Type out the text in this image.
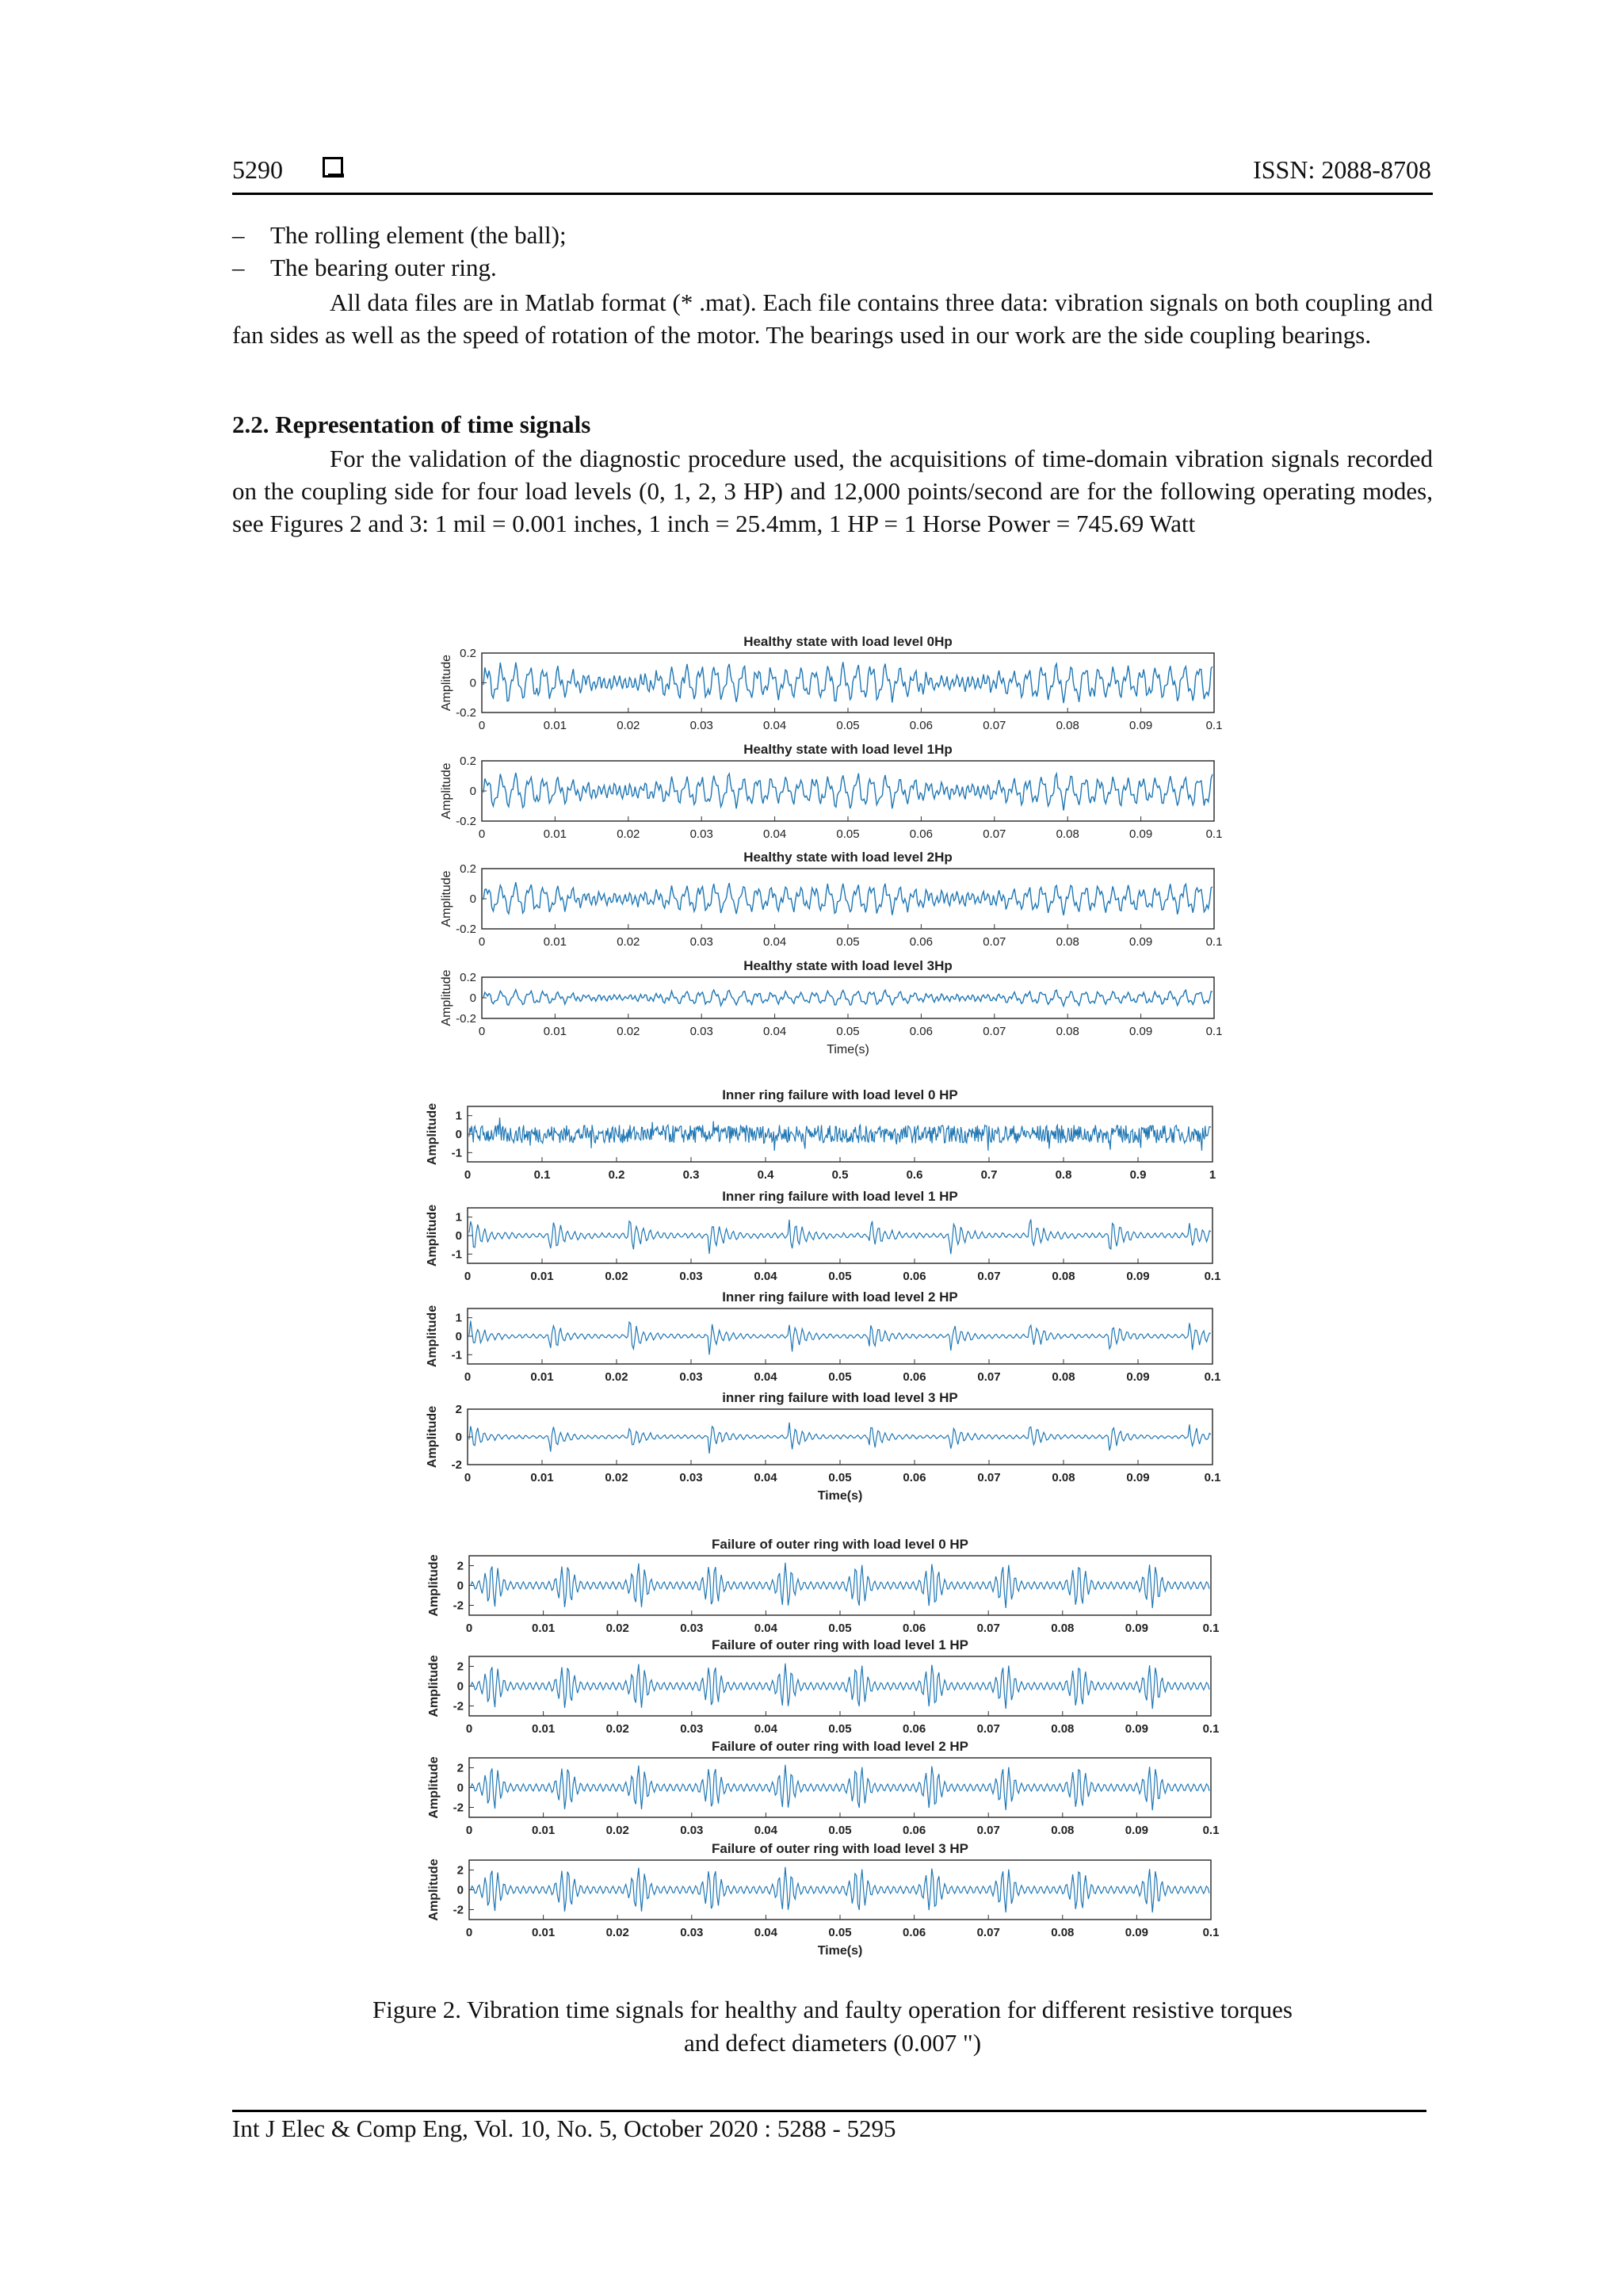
5290	ISSN: 2088-8708
– The rolling element (the ball);
– The bearing outer ring.
All data files are in Matlab format (* .mat). Each file contains three data: vibration signals on both coupling and fan sides as well as the speed of rotation of the motor. The bearings used in our work are the side coupling bearings.
2.2. Representation of time signals
For the validation of the diagnostic procedure used, the acquisitions of time-domain vibration signals recorded on the coupling side for four load levels (0, 1, 2, 3 HP) and 12,000 points/second are for the following operating modes, see Figures 2 and 3: 1 mil = 0.001 inches, 1 inch = 25.4mm, 1 HP = 1 Horse Power = 745.69 Watt
Healthy state with load level 0Hp
0.2
0
-0.2
0	0.01	0.02	0.03	0.04	0.05	0.06	0.07	0.08	0.09	0.1
Amplitude
Healthy state with load level 1Hp
0.2
0
-0.2
0	0.01	0.02	0.03	0.04	0.05	0.06	0.07	0.08	0.09	0.1
Amplitude
Healthy state with load level 2Hp
0.2
0
-0.2
0	0.01	0.02	0.03	0.04	0.05	0.06	0.07	0.08	0.09	0.1
Amplitude
Healthy state with load level 3Hp
0.2
0
-0.2
0	0.01	0.02	0.03	0.04	0.05	0.06	0.07	0.08	0.09	0.1
Amplitude
Time(s)
Inner ring failure with load level 0 HP
1
0
-1
0	0.1	0.2	0.3	0.4	0.5	0.6	0.7	0.8	0.9	1
Amplitude
Inner ring failure with load level 1 HP
1
0
-1
0	0.01	0.02	0.03	0.04	0.05	0.06	0.07	0.08	0.09	0.1
Amplitude
Inner ring failure with load level 2 HP
1
0
-1
0	0.01	0.02	0.03	0.04	0.05	0.06	0.07	0.08	0.09	0.1
Amplitude
inner ring failure with load level 3 HP
2
0
-2
0	0.01	0.02	0.03	0.04	0.05	0.06	0.07	0.08	0.09	0.1
Amplitude
Time(s)
Failure of outer ring with load level 0 HP
2
0
-2
0	0.01	0.02	0.03	0.04	0.05	0.06	0.07	0.08	0.09	0.1
Amplitude
Failure of outer ring with load level 1 HP
2
0
-2
0	0.01	0.02	0.03	0.04	0.05	0.06	0.07	0.08	0.09	0.1
Amplitude
Failure of outer ring with load level 2 HP
2
0
-2
0	0.01	0.02	0.03	0.04	0.05	0.06	0.07	0.08	0.09	0.1
Amplitude
Failure of outer ring with load level 3 HP
2
0
-2
0	0.01	0.02	0.03	0.04	0.05	0.06	0.07	0.08	0.09	0.1
Amplitude
Time(s)
Figure 2. Vibration time signals for healthy and faulty operation for different resistive torques
and defect diameters (0.007 ")
Int J Elec & Comp Eng, Vol. 10, No. 5, October 2020 : 5288 - 5295
